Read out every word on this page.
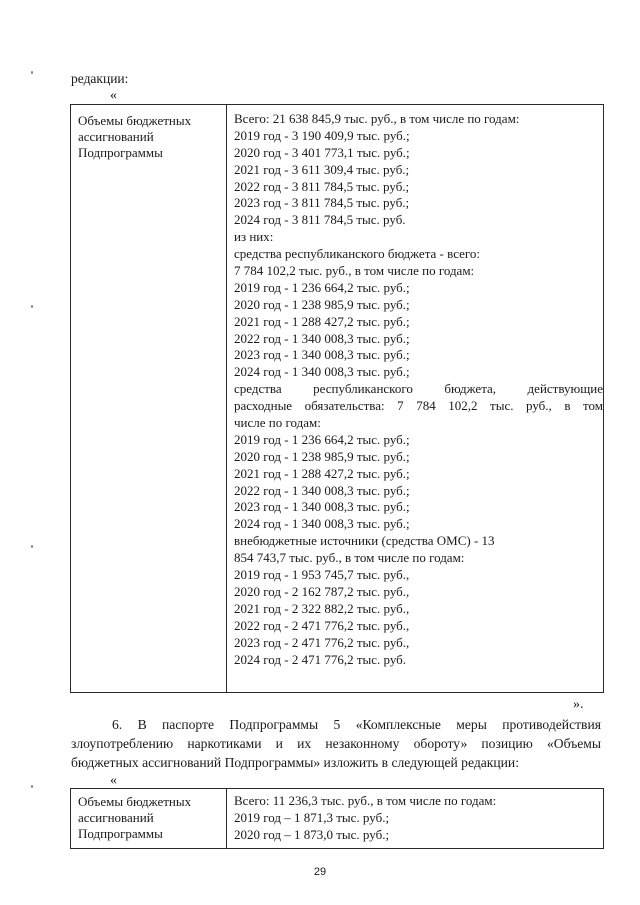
редакции:
«
Объемы бюджетных
ассигнований
Подпрограммы
Всего: 21 638 845,9 тыс. руб., в том числе по годам:
2019 год - 3 190 409,9 тыс. руб.;
2020 год - 3 401 773,1 тыс. руб.;
2021 год - 3 611 309,4 тыс. руб.;
2022 год - 3 811 784,5 тыс. руб.;
2023 год - 3 811 784,5 тыс. руб.;
2024 год - 3 811 784,5 тыс. руб.
из них:
средства республиканского бюджета - всего:
7 784 102,2 тыс. руб., в том числе по годам:
2019 год - 1 236 664,2 тыс. руб.;
2020 год - 1 238 985,9 тыс. руб.;
2021 год - 1 288 427,2 тыс. руб.;
2022 год - 1 340 008,3 тыс. руб.;
2023 год - 1 340 008,3 тыс. руб.;
2024 год - 1 340 008,3 тыс. руб.;
средства республиканского бюджета, действующие
расходные обязательства: 7 784 102,2 тыс. руб., в том
числе по годам:
2019 год - 1 236 664,2 тыс. руб.;
2020 год - 1 238 985,9 тыс. руб.;
2021 год - 1 288 427,2 тыс. руб.;
2022 год - 1 340 008,3 тыс. руб.;
2023 год - 1 340 008,3 тыс. руб.;
2024 год - 1 340 008,3 тыс. руб.;
внебюджетные источники (средства ОМС) - 13
854 743,7 тыс. руб., в том числе по годам:
2019 год - 1 953 745,7 тыс. руб.,
2020 год - 2 162 787,2 тыс. руб.,
2021 год - 2 322 882,2 тыс. руб.,
2022 год - 2 471 776,2 тыс. руб.,
2023 год - 2 471 776,2 тыс. руб.,
2024 год - 2 471 776,2 тыс. руб.
».
6. В паспорте Подпрограммы 5 «Комплексные меры противодействия
злоупотреблению наркотиками и их незаконному обороту» позицию «Объемы
бюджетных ассигнований Подпрограммы» изложить в следующей редакции:
«
Объемы бюджетных
ассигнований
Подпрограммы
Всего: 11 236,3 тыс. руб., в том числе по годам:
2019 год – 1 871,3 тыс. руб.;
2020 год – 1 873,0 тыс. руб.;
29
